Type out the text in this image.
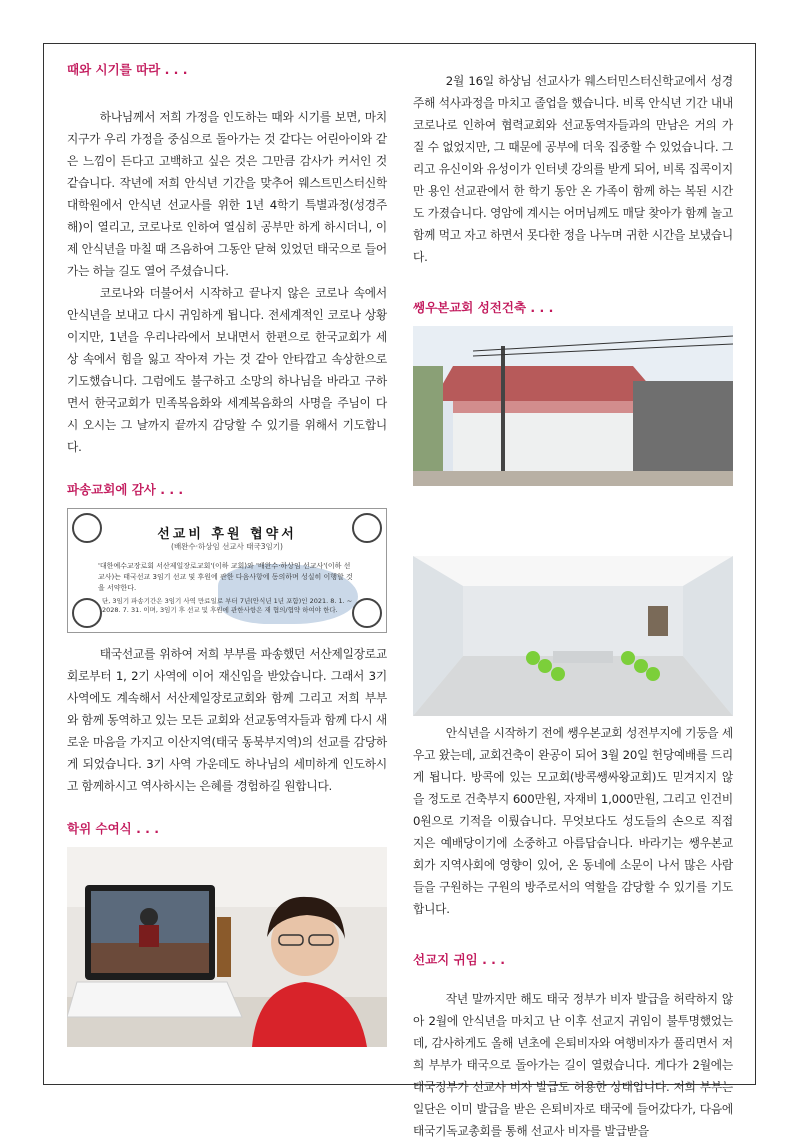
때와 시기를 따라 . . .

하나님께서 저희 가정을 인도하는 때와 시기를 보면, 마치 지구가 우리 가정을 중심으로 돌아가는 것 같다는 어린아이와 같은 느낌이 든다고 고백하고 싶은 것은 그만큼 감사가 커서인 것 같습니다. 작년에 저희 안식년 기간을 맞추어 웨스트민스터신학대학원에서 안식년 선교사를 위한 1년 4학기 특별과정(성경주해)이 열리고, 코로나로 인하여 열심히 공부만 하게 하시더니, 이제 안식년을 마칠 때 즈음하여 그동안 닫혀 있었던 태국으로 들어가는 하늘 길도 열어 주셨습니다.

코로나와 더불어서 시작하고 끝나지 않은 코로나 속에서 안식년을 보내고 다시 귀임하게 됩니다. 전세계적인 코로나 상황이지만, 1년을 우리나라에서 보내면서 한편으로 한국교회가 세상 속에서 힘을 잃고 작아져 가는 것 같아 안타깝고 속상한으로 기도했습니다. 그럼에도 불구하고 소망의 하나님을 바라고 구하면서 한국교회가 민족복음화와 세계복음화의 사명을 주님이 다시 오시는 그 날까지 끝까지 감당할 수 있기를 위해서 기도합니다.

파송교회에 감사 . . .
선교비 후원 협약서
(배완수·하상임 선교사 태국3임기)
'대한예수교장로회 서산제일장로교회'(이하 교회)와 '배완수·하상임 선교사'(이하 선교사)는 태국선교 3임기 선교 및 후원에 관한 다음사항에 동의하며 성실히 이행할 것을 서약한다.
단, 3임기 파송기간은 3임기 사역 만료일로 부터 7년(안식년 1년 포함)인 2021. 8. 1. ~ 2028. 7. 31. 이며, 3임기 후 선교 및 후원에 관한사항은 재 협의/협약 하여야 한다.

태국선교를 위하여 저희 부부를 파송했던 서산제일장로교회로부터 1, 2기 사역에 이어 재신임을 받았습니다. 그래서 3기 사역에도 계속해서 서산제일장로교회와 함께 그리고 저희 부부와 함께 동역하고 있는 모든 교회와 선교동역자들과 함께 다시 새로운 마음을 가지고 이산지역(태국 동북부지역)의 선교를 감당하게 되었습니다. 3기 사역 가운데도 하나님의 세미하게 인도하시고 함께하시고 역사하시는 은혜를 경험하길 원합니다.

학위 수여식 . . .

2월 16일 하상님 선교사가 웨스터민스터신학교에서 성경주해 석사과정을 마치고 졸업을 했습니다. 비록 안식년 기간 내내 코로나로 인하여 협력교회와 선교동역자들과의 만남은 거의 가질 수 없었지만, 그 때문에 공부에 더욱 집중할 수 있었습니다. 그리고 유신이와 유성이가 인터넷 강의를 받게 되어, 비록 집콕이지만 용인 선교관에서 한 학기 동안 온 가족이 함께 하는 복된 시간도 가졌습니다. 영암에 계시는 어머님께도 매달 찾아가 함께 놀고 함께 먹고 자고 하면서 못다한 정을 나누며 귀한 시간을 보냈습니다.

쌩우본교회 성전건축 . . .

안식년을 시작하기 전에 쌩우본교회 성전부지에 기둥을 세우고 왔는데, 교회건축이 완공이 되어 3월 20일 헌당예배를 드리게 됩니다. 방콕에 있는 모교회(방콕쌩싸왕교회)도 믿겨지지 않을 정도로 건축부지 600만원, 자재비 1,000만원, 그리고 인건비 0원으로 기적을 이뤘습니다. 무엇보다도 성도들의 손으로 직접 지은 예배당이기에 소중하고 아름답습니다. 바라기는 쌩우본교회가 지역사회에 영향이 있어, 온 동네에 소문이 나서 많은 사람들을 구원하는 구원의 방주로서의 역할을 감당할 수 있기를 기도합니다.

선교지 귀임 . . .

작년 말까지만 해도 태국 정부가 비자 발급을 허락하지 않아 2월에 안식년을 마치고 난 이후 선교지 귀임이 불투명했었는데, 감사하게도 올해 년초에 은퇴비자와 여행비자가 풀리면서 저희 부부가 태국으로 돌아가는 길이 열렸습니다. 게다가 2월에는 태국정부가 선교사 비자 발급도 허용한 상태입니다. 저희 부부는 일단은 이미 발급을 받은 은퇴비자로 태국에 들어갔다가, 다음에 태국기독교총회를 통해 선교사 비자를 발급받을
